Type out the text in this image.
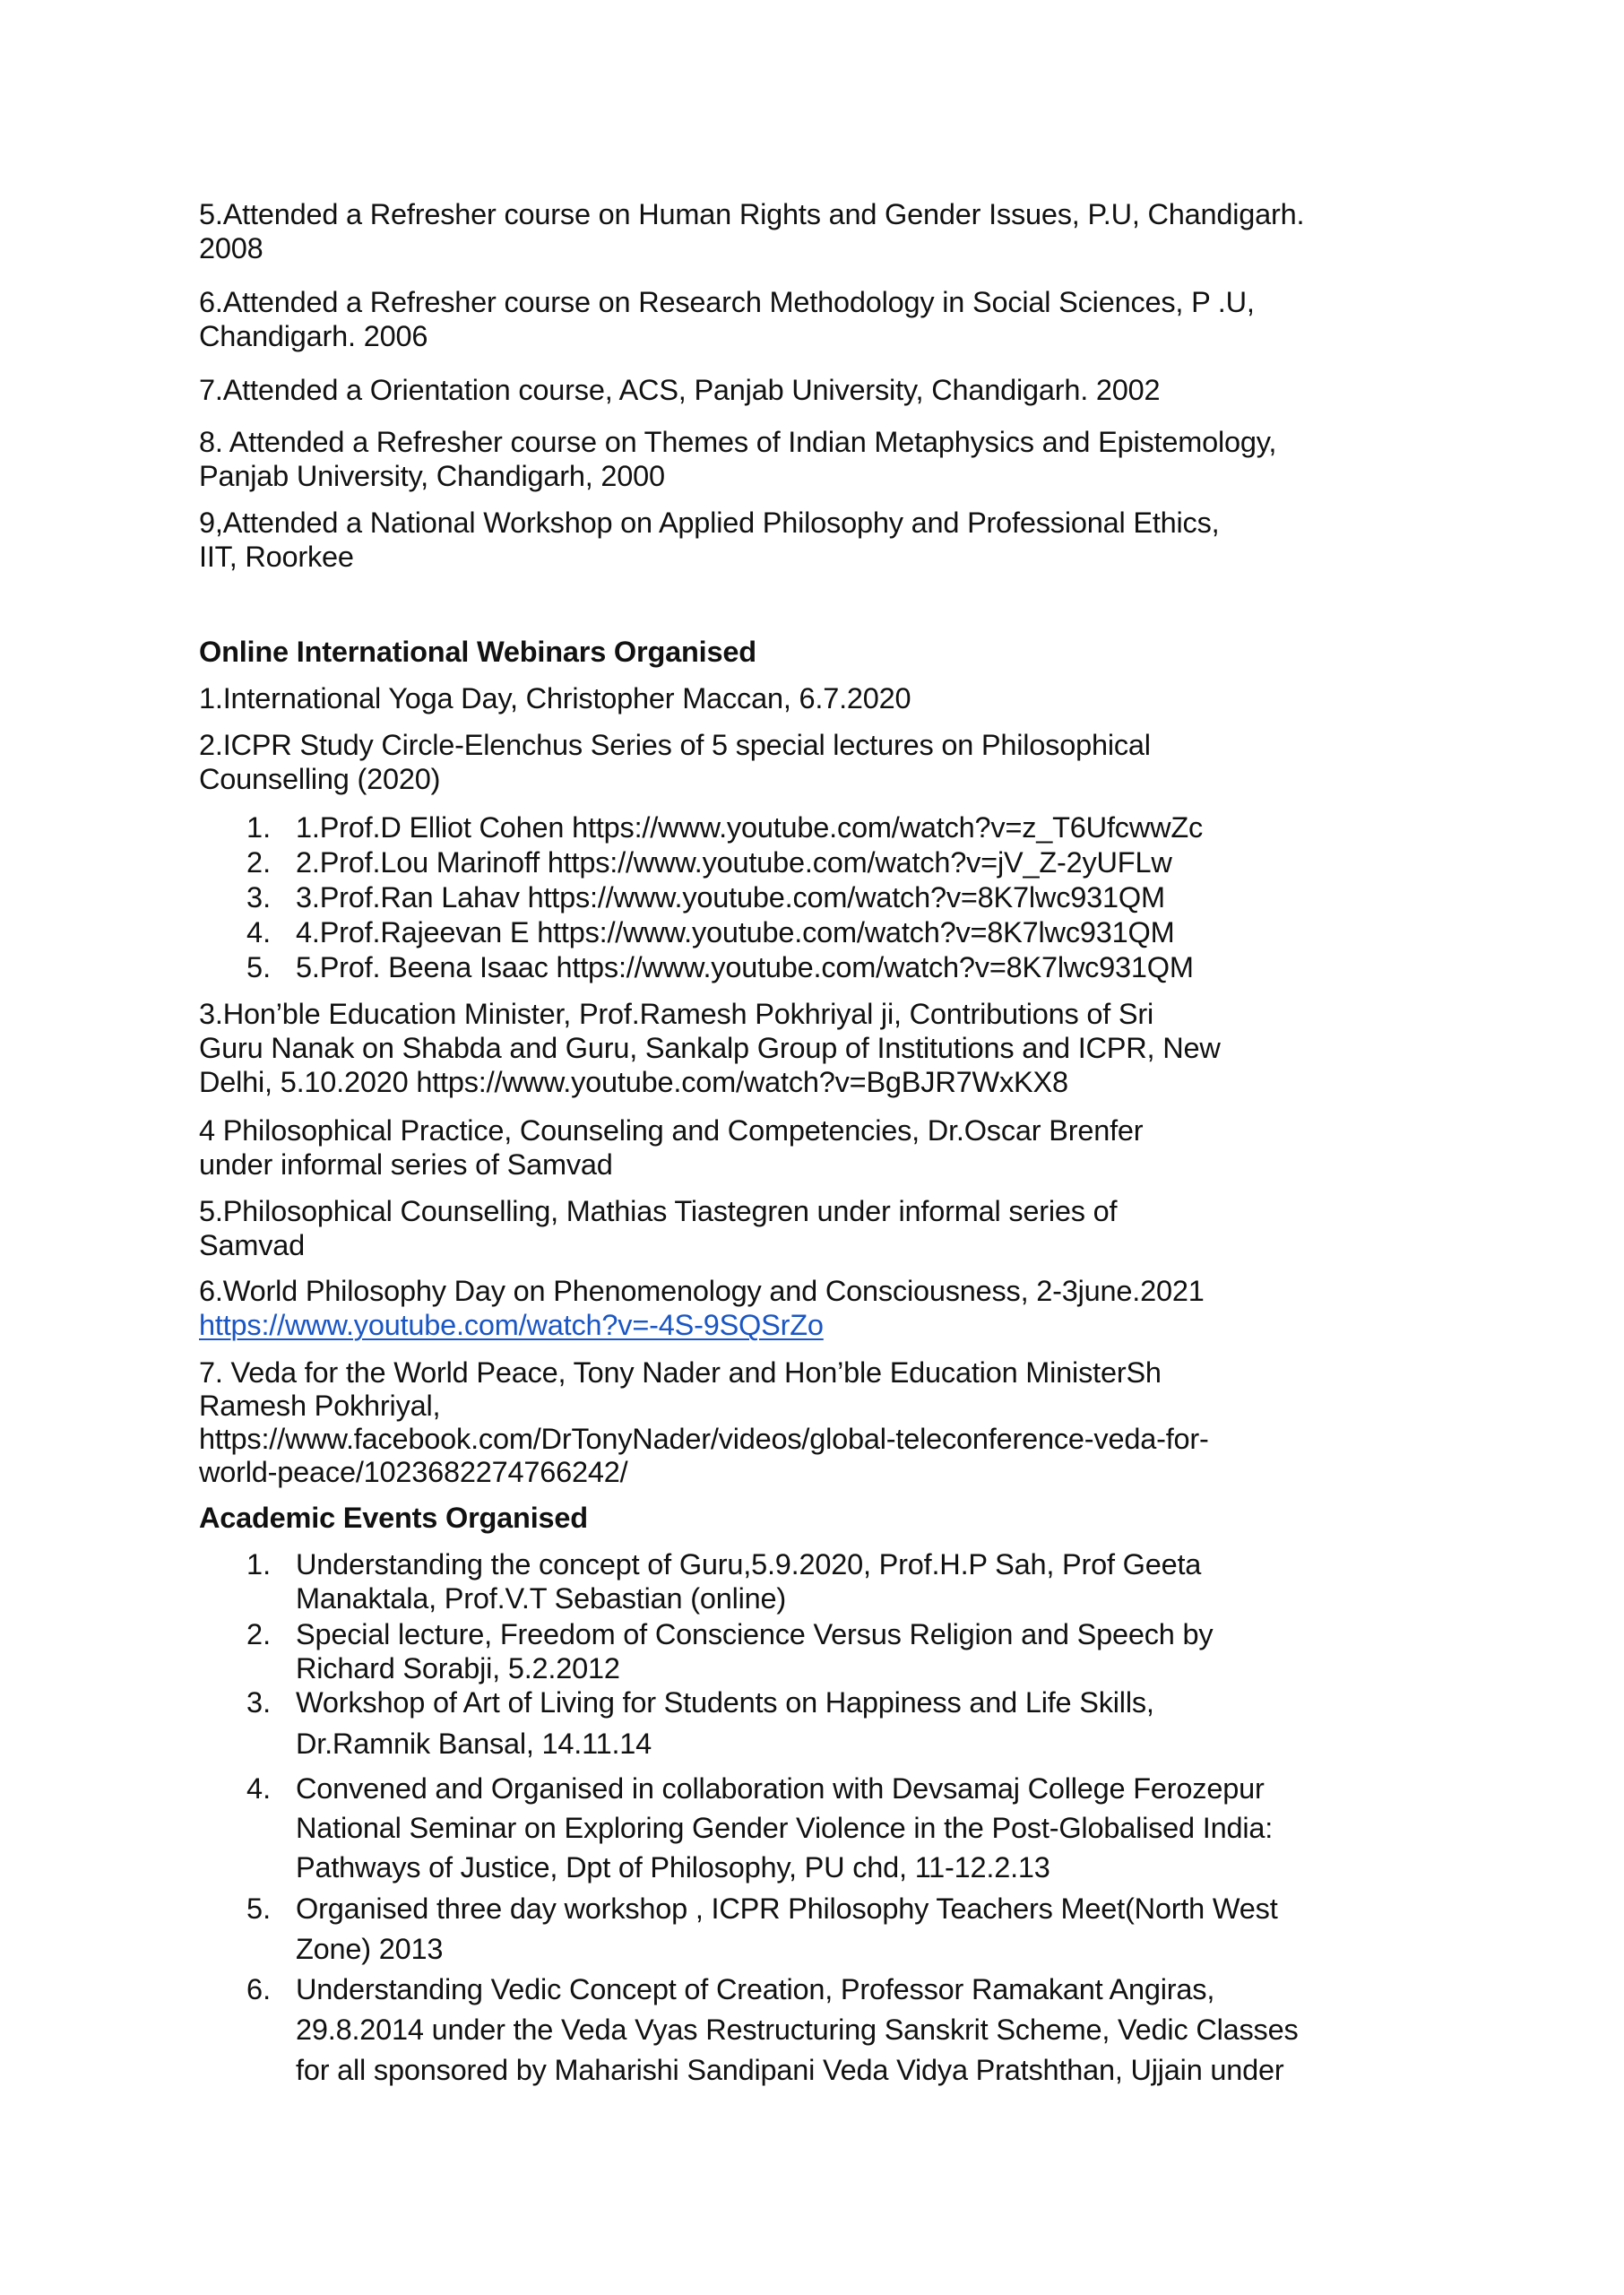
5.Attended a Refresher course on Human Rights and Gender Issues, P.U, Chandigarh.
2008
6.Attended a Refresher course on Research Methodology in Social Sciences, P .U,
Chandigarh. 2006
7.Attended a Orientation course, ACS, Panjab University, Chandigarh. 2002
8. Attended a Refresher course on Themes of Indian Metaphysics and Epistemology,
Panjab University, Chandigarh, 2000
9,Attended a National Workshop on Applied Philosophy and Professional Ethics,
IIT, Roorkee
Online International Webinars Organised
1.International Yoga Day, Christopher Maccan, 6.7.2020
2.ICPR Study Circle-Elenchus Series of 5 special lectures on Philosophical
Counselling (2020)
1. 1.Prof.D Elliot Cohen https://www.youtube.com/watch?v=z_T6UfcwwZc
2. 2.Prof.Lou Marinoff https://www.youtube.com/watch?v=jV_Z-2yUFLw
3. 3.Prof.Ran Lahav https://www.youtube.com/watch?v=8K7lwc931QM
4. 4.Prof.Rajeevan E https://www.youtube.com/watch?v=8K7lwc931QM
5. 5.Prof. Beena Isaac https://www.youtube.com/watch?v=8K7lwc931QM
3.Hon’ble Education Minister, Prof.Ramesh Pokhriyal ji, Contributions of Sri
Guru Nanak on Shabda and Guru, Sankalp Group of Institutions and ICPR, New
Delhi, 5.10.2020 https://www.youtube.com/watch?v=BgBJR7WxKX8
4 Philosophical Practice, Counseling and Competencies, Dr.Oscar Brenfer
under informal series of Samvad
5.Philosophical Counselling, Mathias Tiastegren under informal series of
Samvad
6.World Philosophy Day on Phenomenology and Consciousness, 2-3june.2021
https://www.youtube.com/watch?v=-4S-9SQSrZo
7. Veda for the World Peace, Tony Nader and Hon’ble Education MinisterSh
Ramesh Pokhriyal,
https://www.facebook.com/DrTonyNader/videos/global-teleconference-veda-for-
world-peace/1023682274766242/
Academic Events Organised
1. Understanding the concept of Guru,5.9.2020, Prof.H.P Sah, Prof Geeta
Manaktala, Prof.V.T Sebastian (online)
2. Special lecture, Freedom of Conscience Versus Religion and Speech by
Richard Sorabji, 5.2.2012
3. Workshop of Art of Living for Students on Happiness and Life Skills,
Dr.Ramnik Bansal, 14.11.14
4. Convened and Organised in collaboration with Devsamaj College Ferozepur
National Seminar on Exploring Gender Violence in the Post-Globalised India:
Pathways of Justice, Dpt of Philosophy, PU chd, 11-12.2.13
5. Organised three day workshop , ICPR Philosophy Teachers Meet(North West
Zone) 2013
6. Understanding Vedic Concept of Creation, Professor Ramakant Angiras,
29.8.2014 under the Veda Vyas Restructuring Sanskrit Scheme, Vedic Classes
for all sponsored by Maharishi Sandipani Veda Vidya Pratshthan, Ujjain under
